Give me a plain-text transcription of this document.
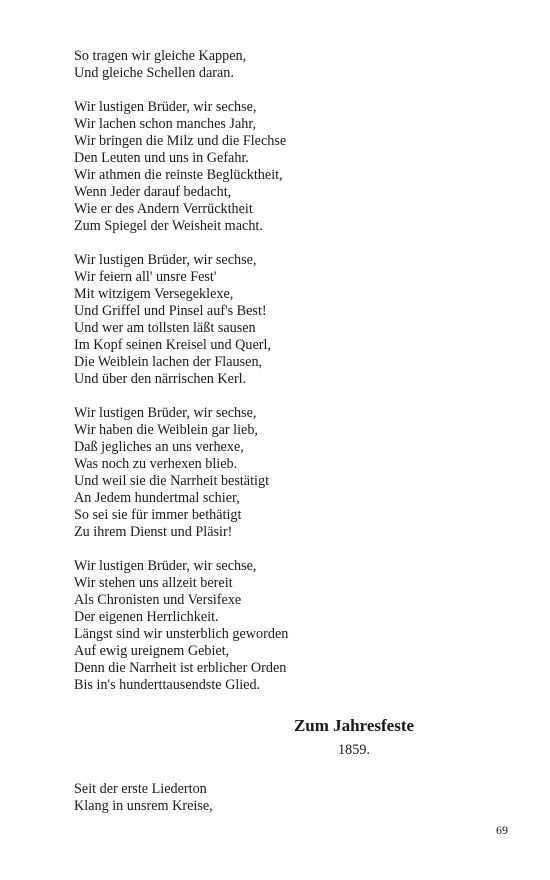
So tragen wir gleiche Kappen,
Und gleiche Schellen daran.
Wir lustigen Brüder, wir sechse,
Wir lachen schon manches Jahr,
Wir bringen die Milz und die Flechse
Den Leuten und uns in Gefahr.
Wir athmen die reinste Beglücktheit,
Wenn Jeder darauf bedacht,
Wie er des Andern Verrücktheit
Zum Spiegel der Weisheit macht.
Wir lustigen Brüder, wir sechse,
Wir feiern all' unsre Fest'
Mit witzigem Versegeklexe,
Und Griffel und Pinsel auf's Best!
Und wer am tollsten läßt sausen
Im Kopf seinen Kreisel und Querl,
Die Weiblein lachen der Flausen,
Und über den närrischen Kerl.
Wir lustigen Brüder, wir sechse,
Wir haben die Weiblein gar lieb,
Daß jegliches an uns verhexe,
Was noch zu verhexen blieb.
Und weil sie die Narrheit bestätigt
An Jedem hundertmal schier,
So sei sie für immer bethätigt
Zu ihrem Dienst und Pläsir!
Wir lustigen Brüder, wir sechse,
Wir stehen uns allzeit bereit
Als Chronisten und Versifexe
Der eigenen Herrlichkeit.
Längst sind wir unsterblich geworden
Auf ewig ureignem Gebiet,
Denn die Narrheit ist erblicher Orden
Bis in's hunderttausendste Glied.
Zum Jahresfeste
1859.
Seit der erste Liederton
Klang in unsrem Kreise,
69
